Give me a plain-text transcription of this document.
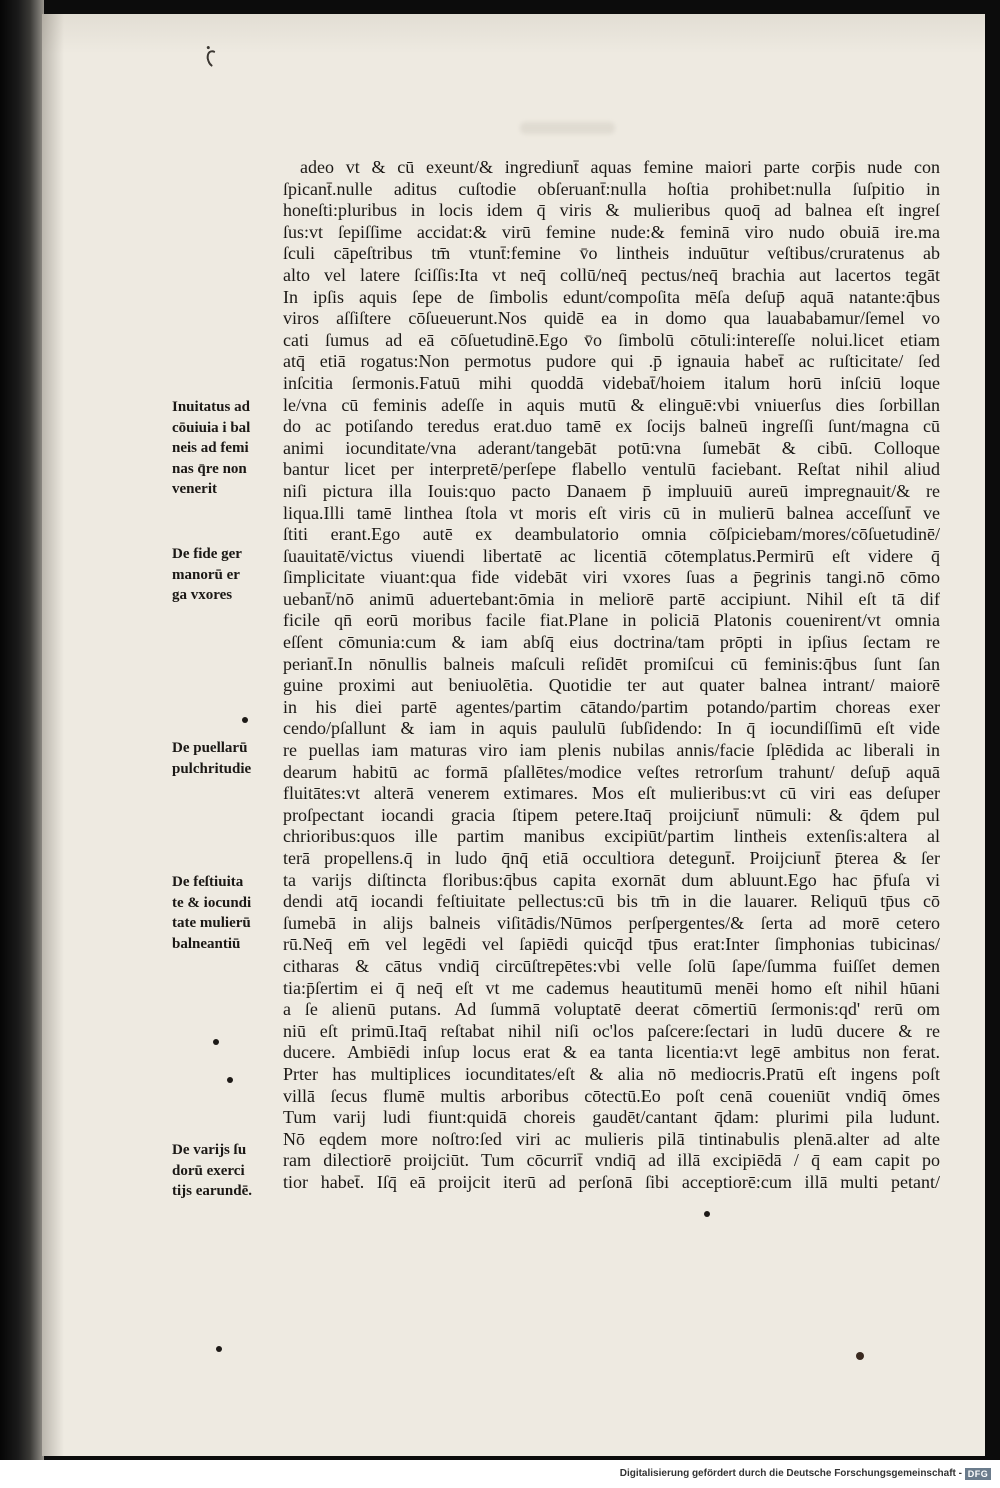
adeo vt & cū exeunt/& ingrediunt̄ aquas femine maiori parte corp̄is nude con
ſpicant̄.nulle aditus cuſtodie obſeruant̄:nulla hoſtia prohibet:nulla ſuſpitio in
honeſti:pluribus in locis idem q̄ viris & mulieribus quoq̄ ad balnea eſt ingreſ
ſus:vt ſepiſſime accidat:& virū femine nude:& feminā viro nudo obuiā ire.ma
ſculi cāpeſtribus tm̄ vtunt̄:femine v̄o lintheis induūtur veſtibus/cruratenus ab
alto vel latere ſciſſis:Ita vt neq̄ collū/neq̄ pectus/neq̄ brachia aut lacertos tegāt
In ipſis aquis ſepe de ſimbolis edunt/compoſita mēſa deſup̄ aquā natante:q̄bus
viros aſſiſtere cōſueuerunt.Nos quidē ea in domo qua lauababamur/ſemel vo
cati ſumus ad eā cōſuetudinē.Ego v̄o ſimbolū cōtuli:intereſſe nolui.licet etiam
atq̄ etiā rogatus:Non permotus pudore qui .p̄ ignauia habet̄ ac ruſticitate/ ſed
inſcitia ſermonis.Fatuū mihi quoddā videbat̄/hoiem italum horū inſciū loque
le/vna cū feminis adeſſe in aquis mutū & elinguē:vbi vniuerſus dies ſorbillan
do ac potiſando teredus erat.duo tamē ex ſocijs balneū ingreſſi ſunt/magna cū
animi iocunditate/vna aderant/tangebāt potū:vna ſumebāt & cibū. Colloque
bantur licet per interpretē/perſepe flabello ventulū faciebant. Reſtat nihil aliud
niſi pictura illa Iouis:quo pacto Danaem p̄ impluuiū aureū impregnauit/& re
liqua.Illi tamē linthea ſtola vt moris eſt viris cū in mulierū balnea acceſſunt̄ ve
ſtiti erant.Ego autē ex deambulatorio omnia cōſpiciebam/mores/cōſuetudinē/
ſuauitatē/victus viuendi libertatē ac licentiā cōtemplatus.Permirū eſt videre q̄
ſimplicitate viuant:qua fide videbāt viri vxores ſuas a p̄egrinis tangi.nō cōmo
uebant̄/nō animū aduertebant:ōmia in meliorē partē accipiunt. Nihil eſt tā dif
ficile qn̄ eorū moribus facile fiat.Plane in policiā Platonis couenirent/vt omnia
eſſent cōmunia:cum & iam abſq̄ eius doctrina/tam prōpti in ipſius ſectam re
periant̄.In nōnullis balneis maſculi reſidēt promiſcui cū feminis:q̄bus ſunt ſan
guine proximi aut beniuolētia. Quotidie ter aut quater balnea intrant/ maiorē
in his diei partē agentes/partim cātando/partim potando/partim choreas exer
cendo/pſallunt & iam in aquis paululū ſubſidendo: In q̄ iocundiſſimū eſt vide
re puellas iam maturas viro iam plenis nubilas annis/facie ſplēdida ac liberali in
dearum habitū ac formā pſallētes/modice veſtes retrorſum trahunt/ deſup̄ aquā
fluitātes:vt alterā venerem extimares. Mos eſt mulieribus:vt cū viri eas deſuper
proſpectant iocandi gracia ſtipem petere.Itaq̄ proijciunt̄ nūmuli: & q̄dem pul
chrioribus:quos ille partim manibus excipiūt/partim lintheis extenſis:altera al
terā propellens.q̄ in ludo q̄nq̄ etiā occultiora detegunt̄. Proijciunt̄ p̄terea & ſer
ta varijs diſtincta floribus:q̄bus capita exornāt dum abluunt.Ego hac p̄fuſa vi
dendi atq̄ iocandi feſtiuitate pellectus:cū bis tm̄ in die lauarer. Reliquū tp̄us cō
ſumebā in alijs balneis viſitādis/Nūmos perſpergentes/& ſerta ad morē cetero
rū.Neq̄ em̄ vel legēdi vel ſapiēdi quicq̄d tp̄us erat:Inter ſimphonias tubicinas/
citharas & cātus vndiq̄ circūſtrepētes:vbi velle ſolū ſape/ſumma fuiſſet demen
tia:p̄ſertim ei q̄ neq̄ eſt vt me cademus heautitumū menēi homo eſt nihil hūani
a ſe alienū putans. Ad ſummā voluptatē deerat cōmertiū ſermonis:qd' rerū om
niū eſt primū.Itaq̄ reſtabat nihil niſi oc'los paſcere:ſectari in ludū ducere & re
ducere. Ambiēdi inſup locus erat & ea tanta licentia:vt legē ambitus non ferat.
Prter has multiplices iocunditates/eſt & alia nō mediocris.Pratū eſt ingens poſt
villā ſecus flumē multis arboribus cōtectū.Eo poſt cenā coueniūt vndiq̄ ōmes
Tum varij ludi fiunt:quidā choreis gaudēt/cantant q̄dam: plurimi pila ludunt.
Nō eqdem more noſtro:ſed viri ac mulieris pilā tintinabulis plenā.alter ad alte
ram dilectiorē proijciūt. Tum cōcurrit̄ vndiq̄ ad illā excipiēdā / q̄ eam capit po
tior habet̄. Iſq̄ eā proijcit iterū ad perſonā ſibi acceptiorē:cum illā multi petant/
Inuitatus ad
cōuiuia i bal
neis ad femi
nas q̄re non
venerit
De fide ger
manorū er
ga vxores
De puellarū
pulchritudie
De feſtiuita
te & iocundi
tate mulierū
balneantiū
De varijs ſu
dorū exerci
tijs earundē.
Digitalisierung gefördert durch die Deutsche Forschungsgemeinschaft - DFG
